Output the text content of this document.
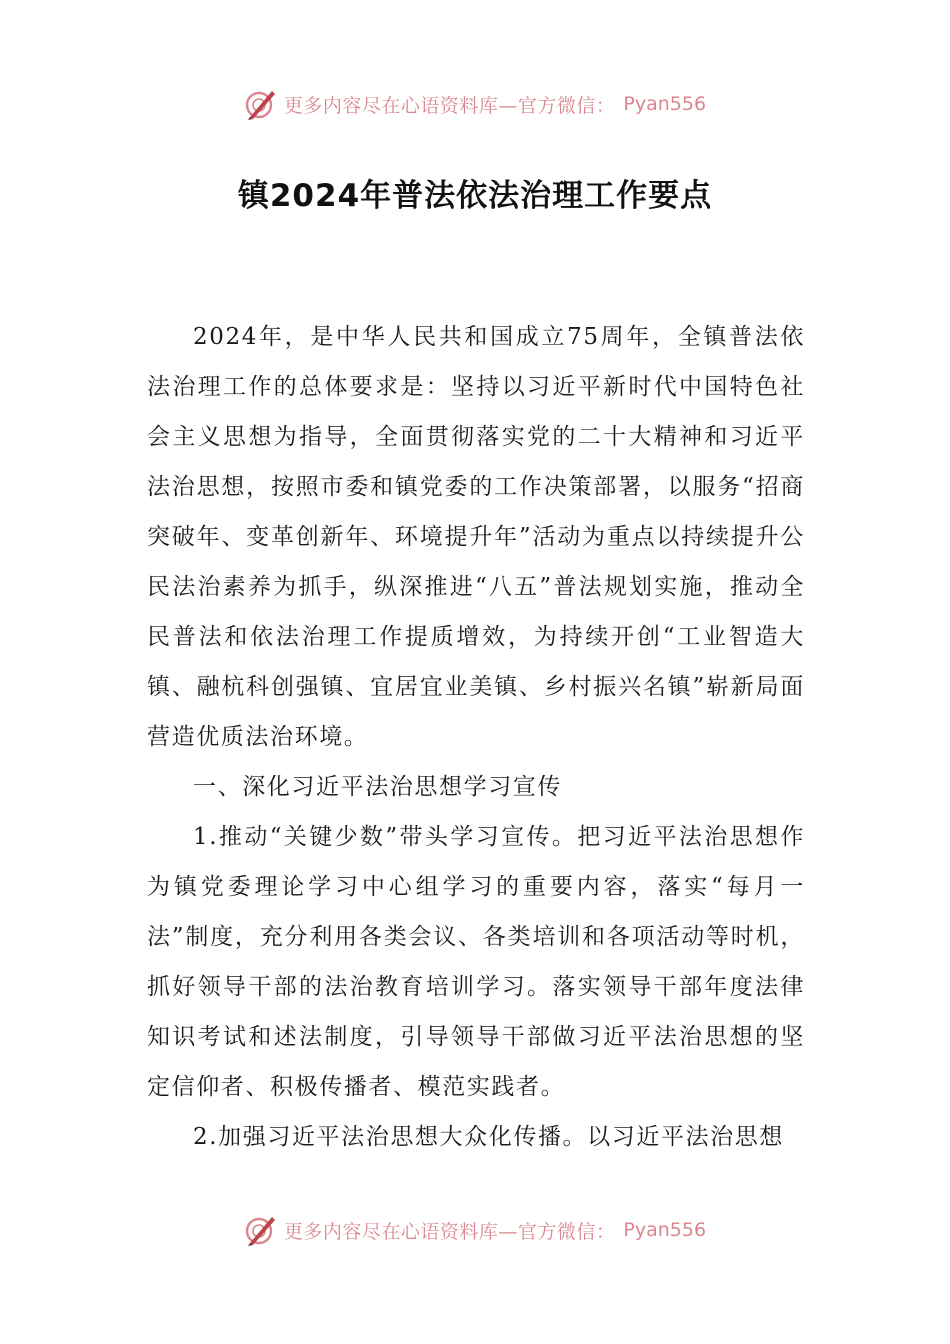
更多内容尽在心语资料库—官方微信： Pyan556
镇2024年普法依法治理工作要点

2024年，是中华人民共和国成立75周年，全镇普法依法治理工作的总体要求是：坚持以习近平新时代中国特色社会主义思想为指导，全面贯彻落实党的二十大精神和习近平法治思想，按照市委和镇党委的工作决策部署，以服务“招商突破年、变革创新年、环境提升年”活动为重点以持续提升公民法治素养为抓手，纵深推进“八五”普法规划实施，推动全民普法和依法治理工作提质增效，为持续开创“工业智造大镇、融杭科创强镇、宜居宜业美镇、乡村振兴名镇”崭新局面营造优质法治环境。

一、深化习近平法治思想学习宣传

1.推动“关键少数”带头学习宣传。把习近平法治思想作为镇党委理论学习中心组学习的重要内容，落实“每月一法”制度，充分利用各类会议、各类培训和各项活动等时机，抓好领导干部的法治教育培训学习。落实领导干部年度法律知识考试和述法制度，引导领导干部做习近平法治思想的坚定信仰者、积极传播者、模范实践者。

2.加强习近平法治思想大众化传播。以习近平法治思想

更多内容尽在心语资料库—官方微信： Pyan556
